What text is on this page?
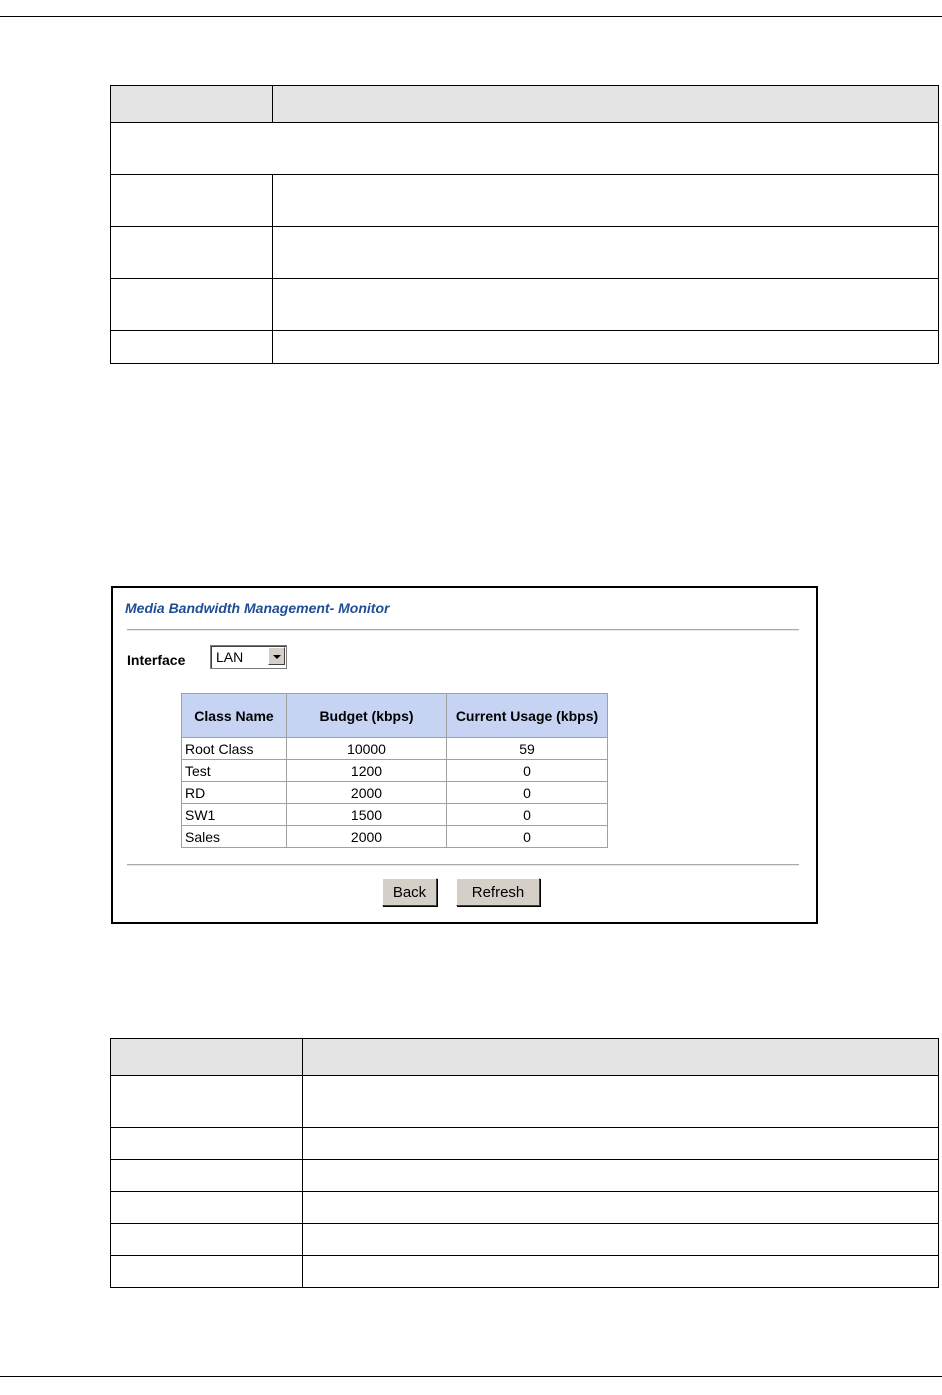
Media Bandwidth Management- Monitor
Interface LAN
Class Name	Budget (kbps)	Current Usage (kbps)
Root Class	10000	59
Test	1200	0
RD	2000	0
SW1	1500	0
Sales	2000	0
Back	Refresh
